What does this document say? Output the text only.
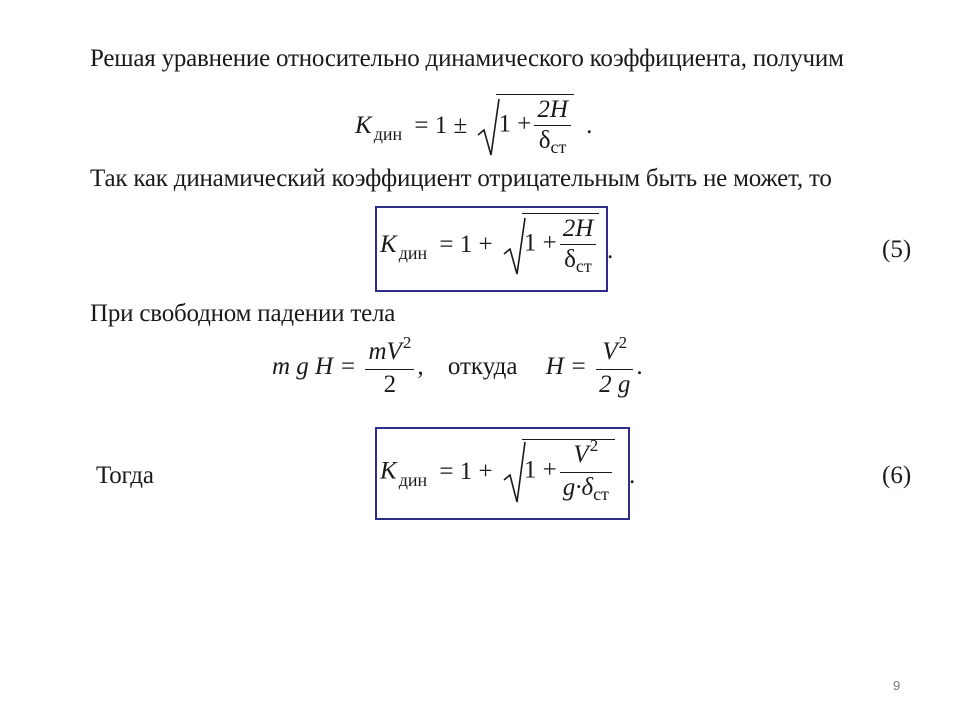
Решая уравнение относительно динамического коэффициента, получим
K $_{дин} = 1 \pm 1 + \frac{2H}{\delta_{ст}}$ .
Так как динамический коэффициент отрицательным быть не может, то
K $_{дин} = 1 + 1 + \frac{2H}{\delta_{ст}}$ .	(5)
При свободном падении тела
m g $H = \frac{mV^2}{2}$ , откуда $H = \frac{V^2}{2 g}$ .
Тогда	K $_{дин} = 1 + 1 + \frac{V^2}{g\cdot\delta_{ст}}$ .	(6)
9
